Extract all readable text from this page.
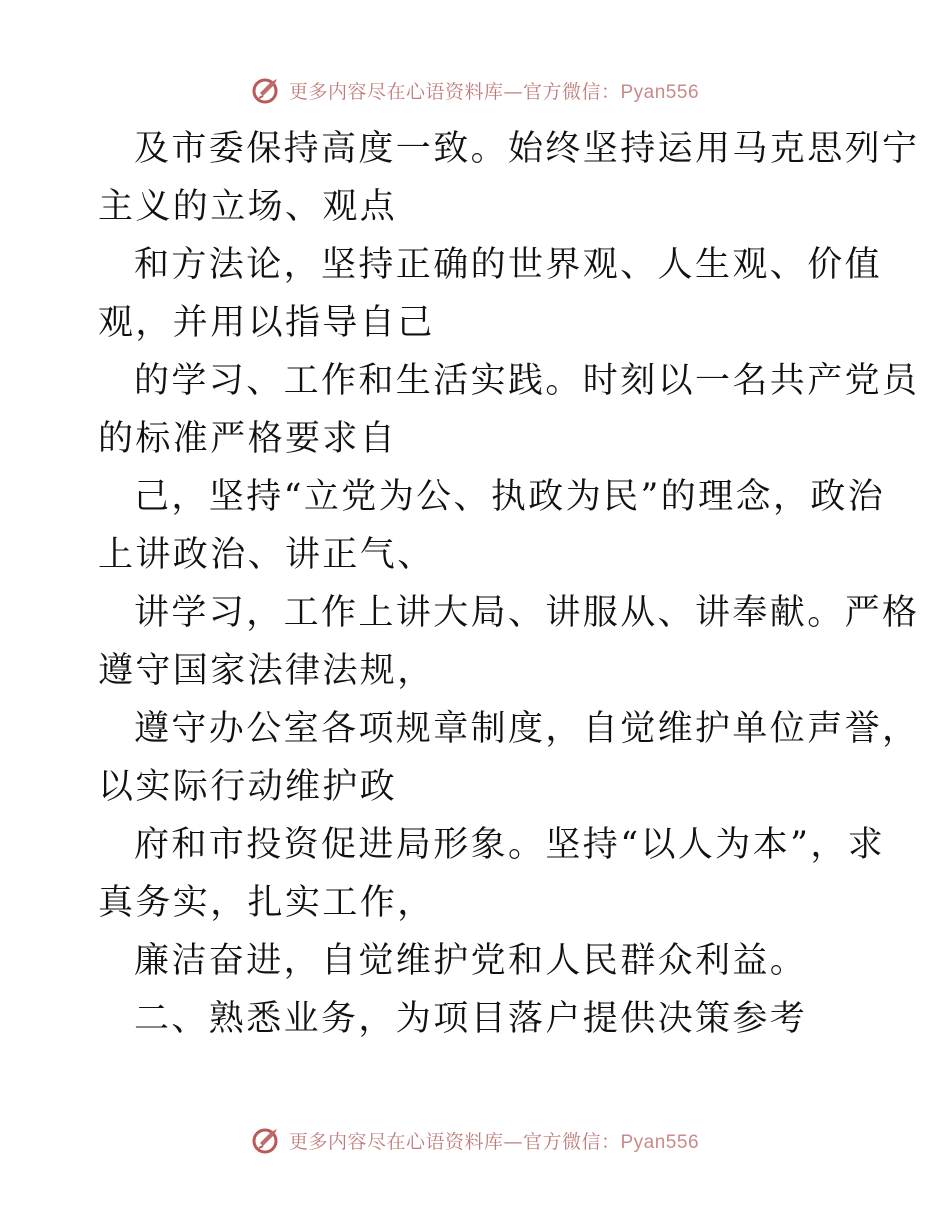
更多内容尽在心语资料库—官方微信：Pyan556

及市委保持高度一致。始终坚持运用马克思列宁
主义的立场、观点

和方法论，坚持正确的世界观、人生观、价值
观，并用以指导自己

的学习、工作和生活实践。时刻以一名共产党员
的标准严格要求自

己，坚持“立党为公、执政为民”的理念，政治
上讲政治、讲正气、

讲学习，工作上讲大局、讲服从、讲奉献。严格
遵守国家法律法规，

遵守办公室各项规章制度，自觉维护单位声誉，
以实际行动维护政

府和市投资促进局形象。坚持“以人为本”，求
真务实，扎实工作，

廉洁奋进，自觉维护党和人民群众利益。

二、熟悉业务，为项目落户提供决策参考

更多内容尽在心语资料库—官方微信：Pyan556
